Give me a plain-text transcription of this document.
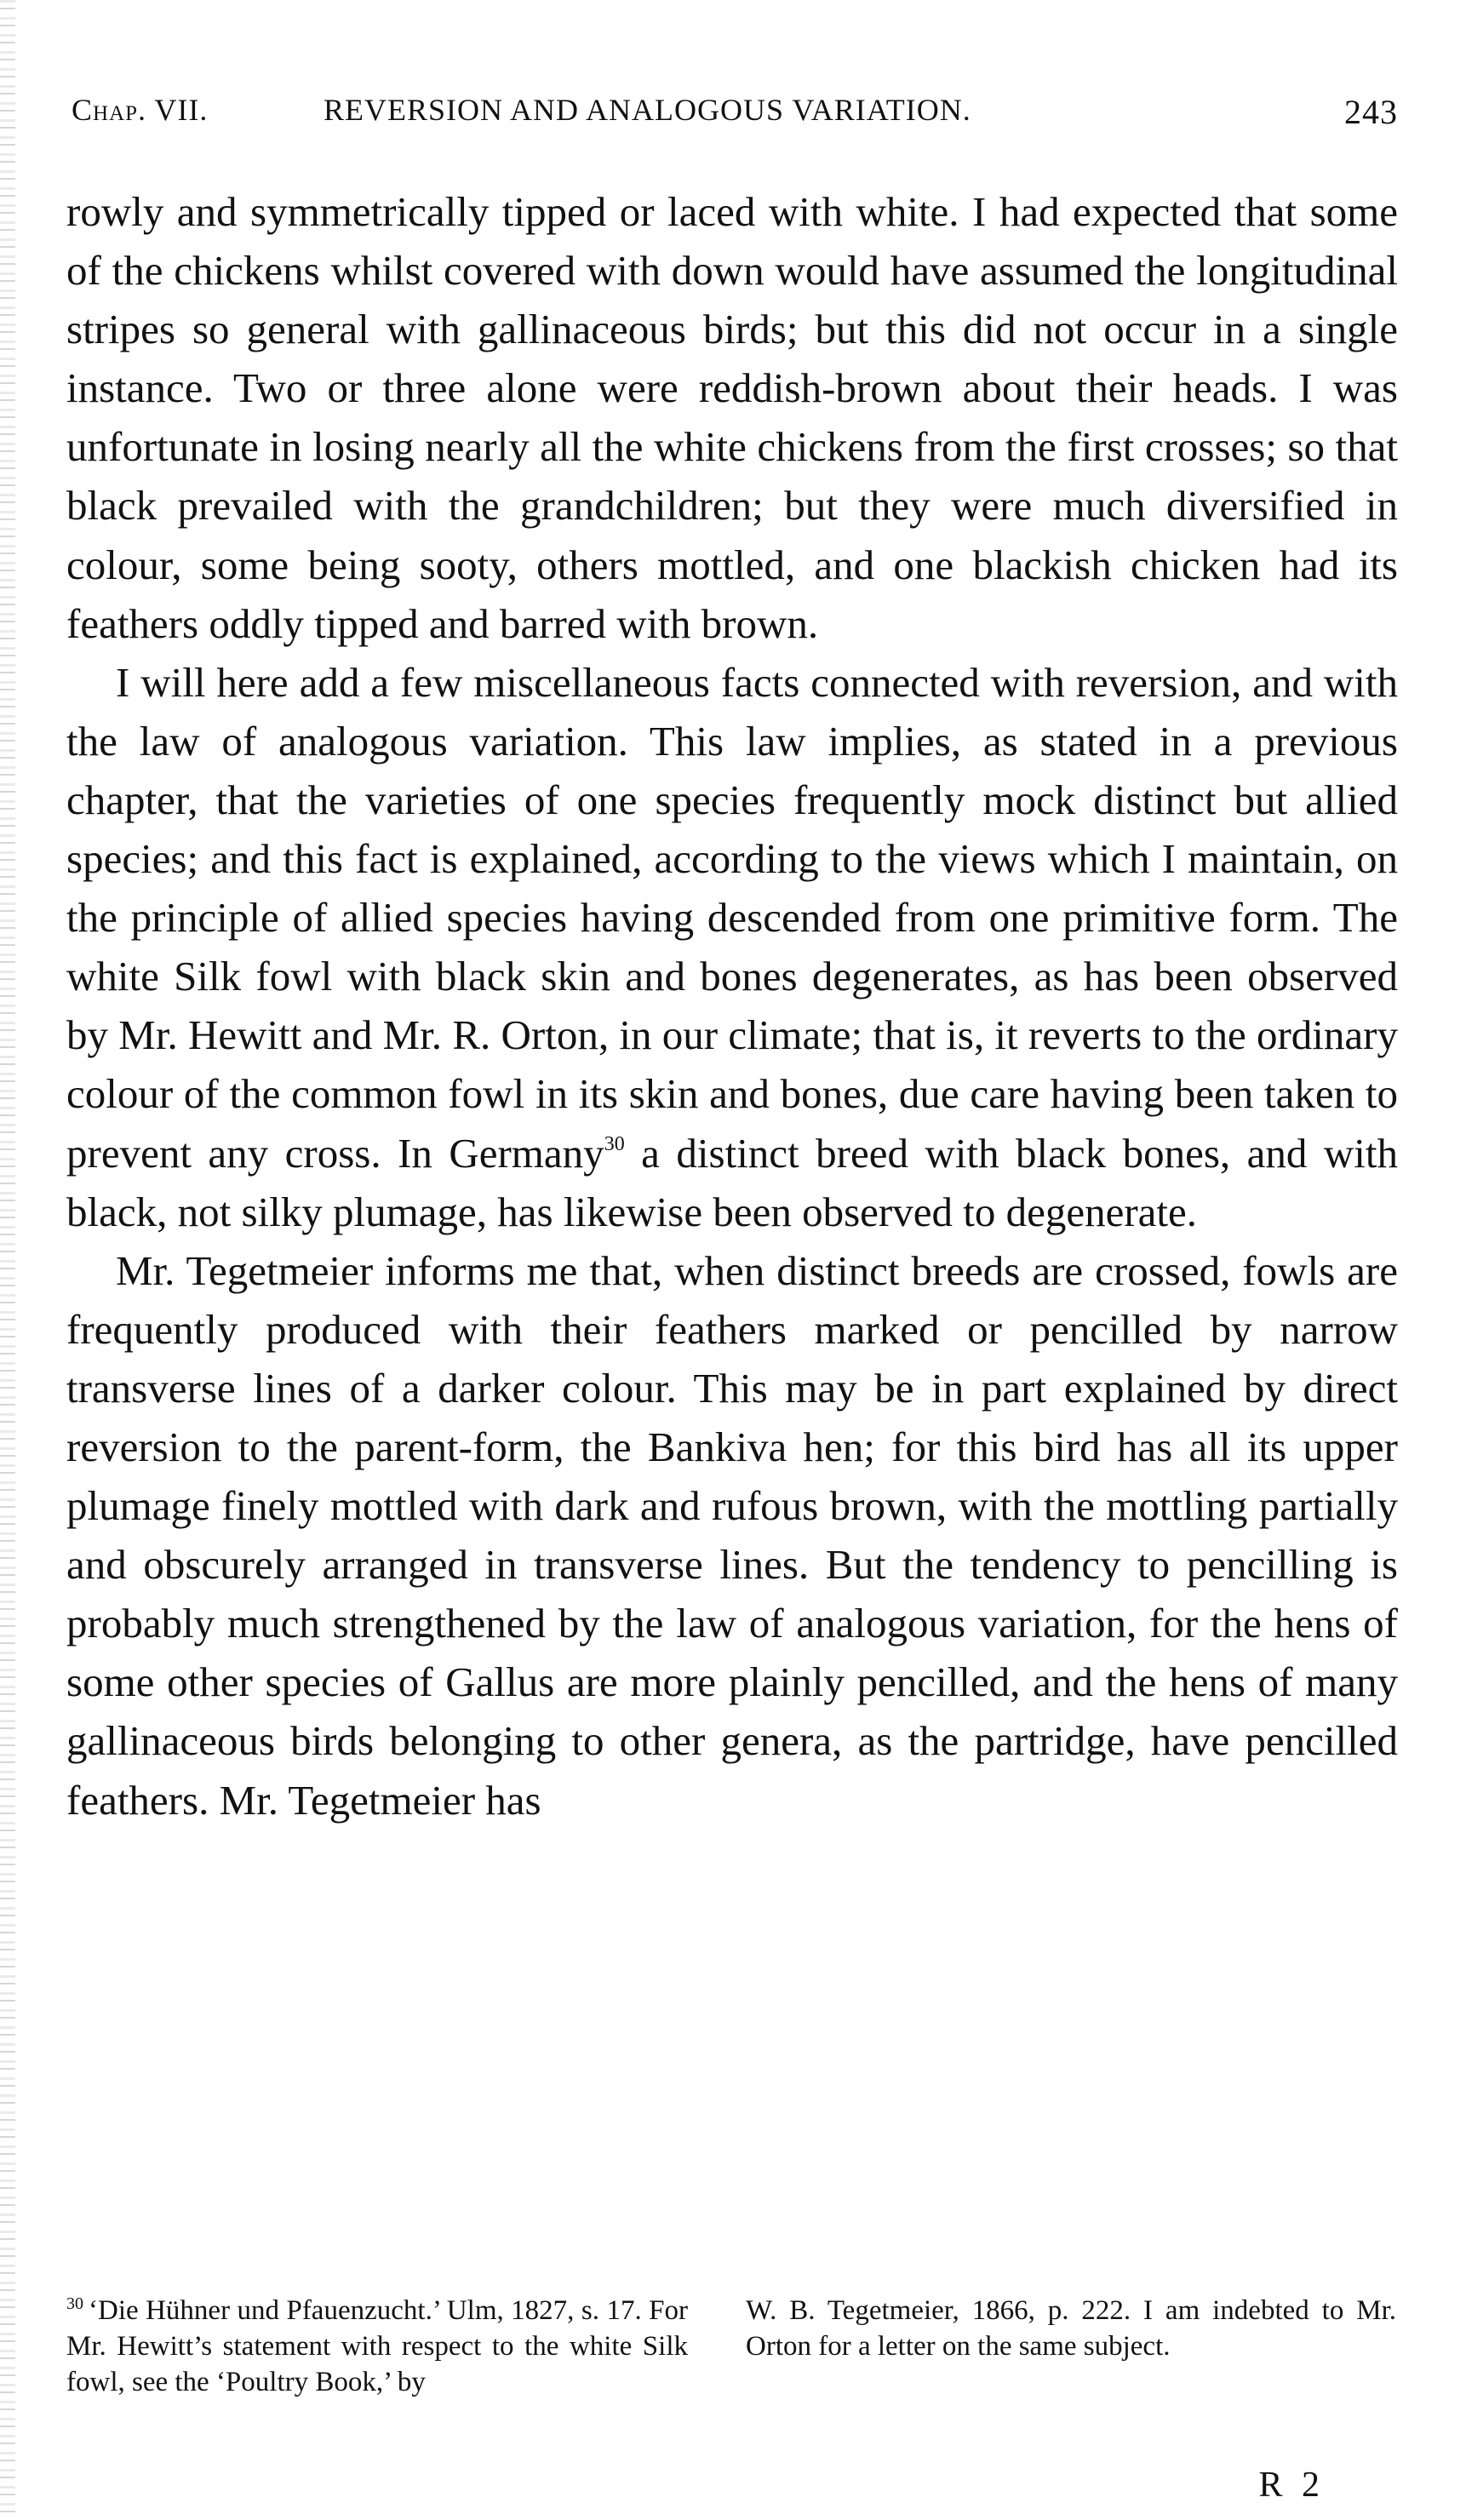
Chap. VII.	REVERSION AND ANALOGOUS VARIATION.	243

rowly and symmetrically tipped or laced with white. I had expected that some of the chickens whilst covered with down would have assumed the longitudinal stripes so general with gallinaceous birds; but this did not occur in a single instance. Two or three alone were reddish-brown about their heads. I was unfortunate in losing nearly all the white chickens from the first crosses; so that black prevailed with the grandchildren; but they were much diversified in colour, some being sooty, others mottled, and one blackish chicken had its feathers oddly tipped and barred with brown.

I will here add a few miscellaneous facts connected with reversion, and with the law of analogous variation. This law implies, as stated in a previous chapter, that the varieties of one species frequently mock distinct but allied species; and this fact is explained, according to the views which I maintain, on the principle of allied species having descended from one primitive form. The white Silk fowl with black skin and bones degenerates, as has been observed by Mr. Hewitt and Mr. R. Orton, in our climate; that is, it reverts to the ordinary colour of the common fowl in its skin and bones, due care having been taken to prevent any cross. In Germany$^{30}$ a distinct breed with black bones, and with black, not silky plumage, has likewise been observed to degenerate.

Mr. Tegetmeier informs me that, when distinct breeds are crossed, fowls are frequently produced with their feathers marked or pencilled by narrow transverse lines of a darker colour. This may be in part explained by direct reversion to the parent-form, the Bankiva hen; for this bird has all its upper plumage finely mottled with dark and rufous brown, with the mottling partially and obscurely arranged in transverse lines. But the tendency to pencilling is probably much strengthened by the law of analogous variation, for the hens of some other species of Gallus are more plainly pencilled, and the hens of many gallinaceous birds belonging to other genera, as the partridge, have pencilled feathers. Mr. Tegetmeier has

$^{30}$ ‘Die Hühner und Pfauenzucht.’ Ulm, 1827, s. 17. For Mr. Hewitt’s statement with respect to the white Silk fowl, see the ‘Poultry Book,’ by
W. B. Tegetmeier, 1866, p. 222. I am indebted to Mr. Orton for a letter on the same subject.
R 2
